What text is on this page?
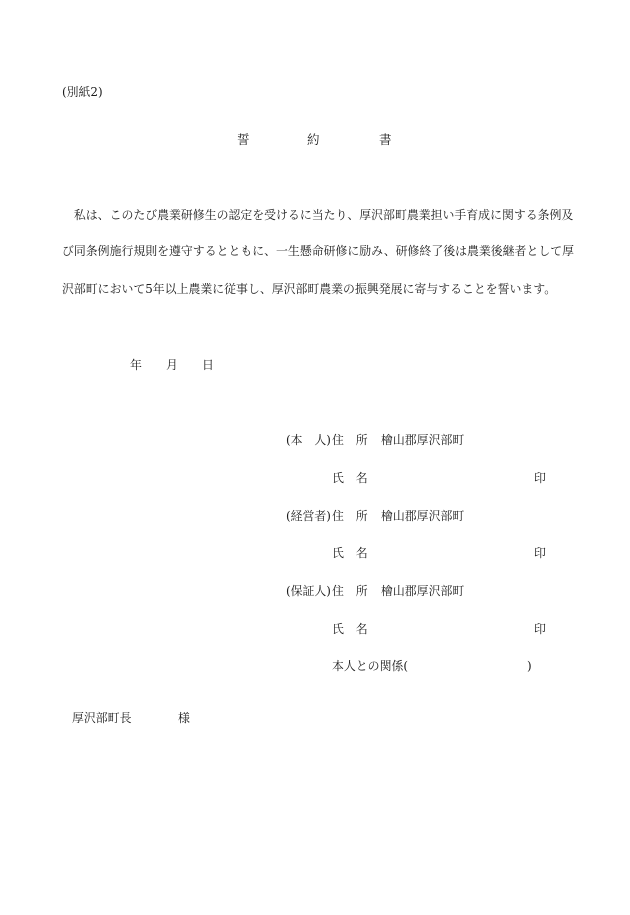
(別紙2)
誓	約	書
　私は、このたび農業研修生の認定を受けるに当たり、厚沢部町農業担い手育成に関する条例及
び同条例施行規則を遵守するとともに、一生懸命研修に励み、研修終了後は農業後継者として厚
沢部町において5年以上農業に従事し、厚沢部町農業の振興発展に寄与することを誓います。
年 月 日
(本　人) 住　所 檜山郡厚沢部町
氏　名	印
(経営者) 住　所 檜山郡厚沢部町
氏　名	印
(保証人) 住　所 檜山郡厚沢部町
氏　名	印
本人との関係(	)
厚沢部町長	様
